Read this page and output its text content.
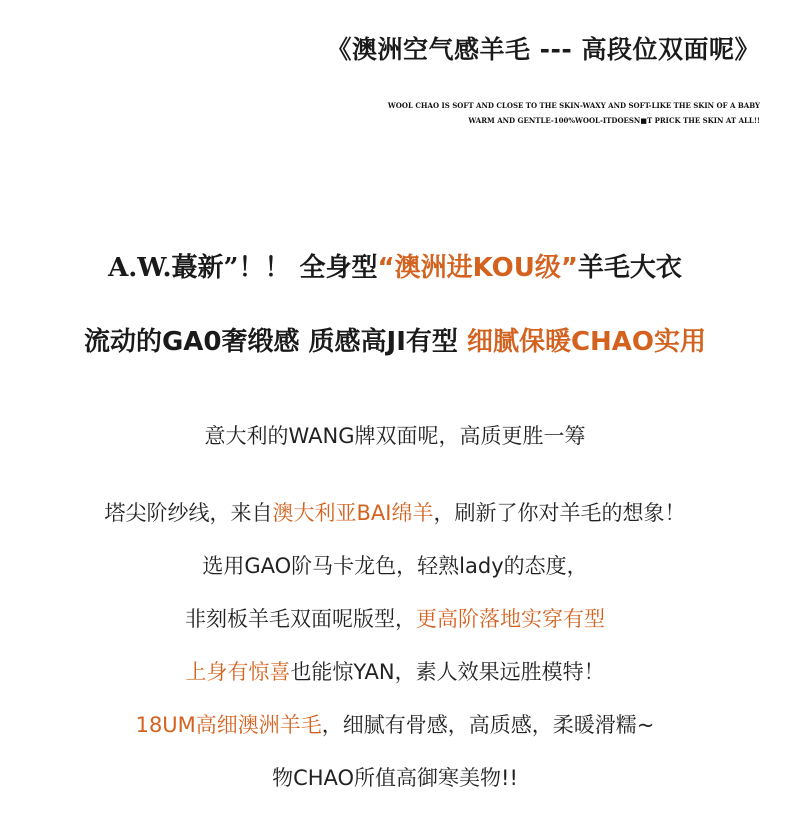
《澳洲空气感羊毛 --- 高段位双面呢》
WOOL CHAO IS SOFT AND CLOSE TO THE SKIN-WAXY AND SOFT-LIKE THE SKIN OF A BABY
WARM AND GENTLE-100%WOOL-ITDOESN■T PRICK THE SKIN AT ALL!!
A.W.蕞新”！！ 全身型“澳洲进KOU级”羊毛大衣
流动的GA0奢缎感 质感高JI有型 细腻保暖CHAO实用
意大利的WANG牌双面呢，高质更胜一筹
塔尖阶纱线，来自澳大利亚BAI绵羊，刷新了你对羊毛的想象！
选用GAO阶马卡龙色，轻熟lady的态度，
非刻板羊毛双面呢版型，更高阶落地实穿有型
上身有惊喜也能惊YAN，素人效果远胜模特！
18UM高细澳洲羊毛，细腻有骨感，高质感，柔暖滑糯~
物CHAO所值高御寒美物!!
